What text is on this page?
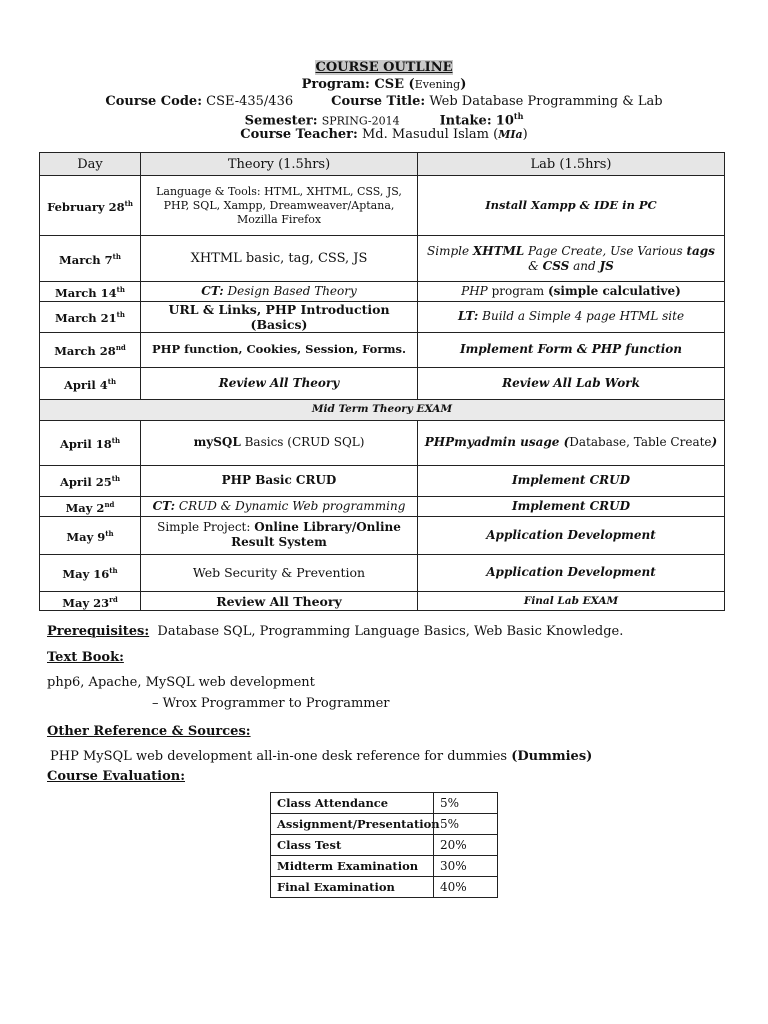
COURSE OUTLINE
Program: CSE (Evening)
Course Code: CSE-435/436	Course Title: Web Database Programming & Lab
Semester: SPRING-2014	Intake: 10th
Course Teacher: Md. Masudul Islam (MIa)
Day	Theory (1.5hrs)	Lab (1.5hrs)
February 28th	Language & Tools: HTML, XHTML, CSS, JS, PHP, SQL, Xampp, Dreamweaver/Aptana, Mozilla Firefox	Install Xampp & IDE in PC
March 7th	XHTML basic, tag, CSS, JS	Simple XHTML Page Create, Use Various tags & CSS and JS
March 14th	CT: Design Based Theory	PHP program (simple calculative)
March 21th	URL & Links, PHP Introduction (Basics)	LT: Build a Simple 4 page HTML site
March 28nd	PHP function, Cookies, Session, Forms.	Implement Form & PHP function
April 4th	Review All Theory	Review All Lab Work
Mid Term Theory EXAM		
April 18th	mySQL Basics (CRUD SQL)	PHPmyadmin usage (Database, Table Create)
April 25th	PHP Basic CRUD	Implement CRUD
May 2nd	CT: CRUD & Dynamic Web programming	Implement CRUD
May 9th	Simple Project: Online Library/Online Result System	Application Development
May 16th	Web Security & Prevention	Application Development
May 23rd	Review All Theory	Final Lab EXAM
Prerequisites: Database SQL, Programming Language Basics, Web Basic Knowledge.
Text Book:
php6, Apache, MySQL web development
– Wrox Programmer to Programmer
Other Reference & Sources:
PHP MySQL web development all-in-one desk reference for dummies (Dummies)
Course Evaluation:
Class Attendance	5%
Assignment/Presentation	5%
Class Test	20%
Midterm Examination	30%
Final Examination	40%
